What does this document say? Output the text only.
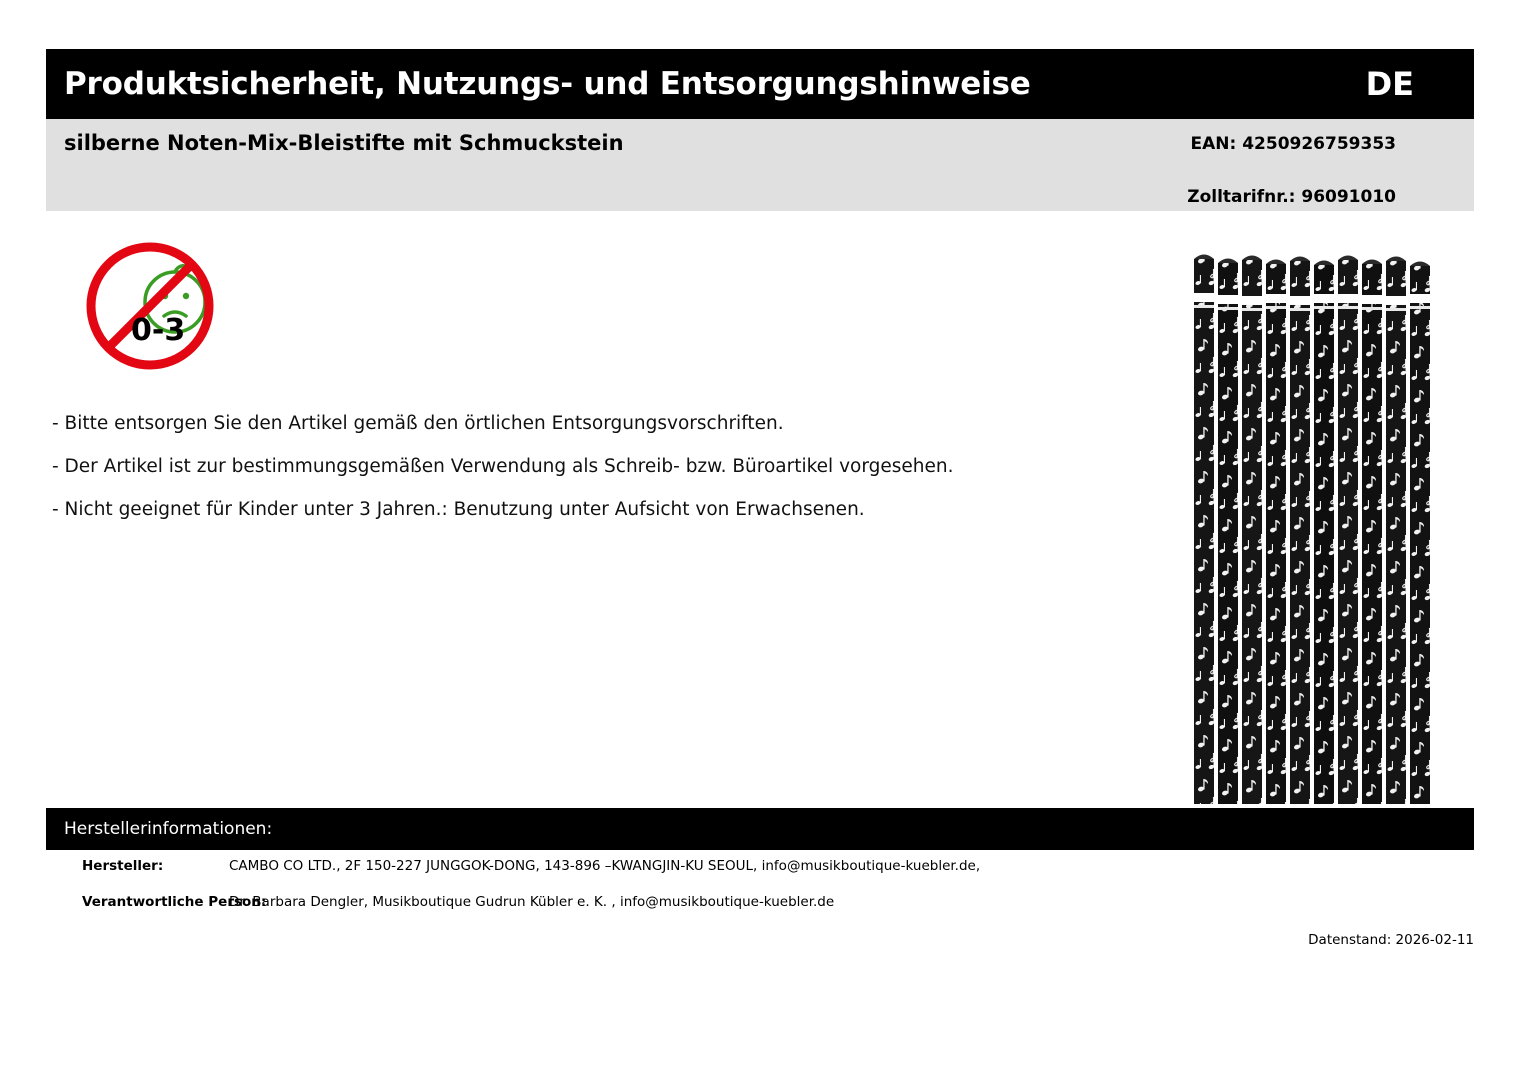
Produktsicherheit, Nutzungs- und Entsorgungshinweise	DE
silberne Noten-Mix-Bleistifte mit Schmuckstein	EAN: 4250926759353
Zolltarifnr.: 96091010
0-3

- Bitte entsorgen Sie den Artikel gemäß den örtlichen Entsorgungsvorschriften.

- Der Artikel ist zur bestimmungsgemäßen Verwendung als Schreib- bzw. Büroartikel vorgesehen.

- Nicht geeignet für Kinder unter 3 Jahren.: Benutzung unter Aufsicht von Erwachsenen.

Herstellerinformationen:
Hersteller:	CAMBO CO LTD., 2F 150-227 JUNGGOK-DONG, 143-896 –KWANGJIN-KU SEOUL, info@musikboutique-kuebler.de,
Verantwortliche Person:
Dr. Barbara Dengler, Musikboutique Gudrun Kübler e. K. , info@musikboutique-kuebler.de
Datenstand: 2026-02-11
